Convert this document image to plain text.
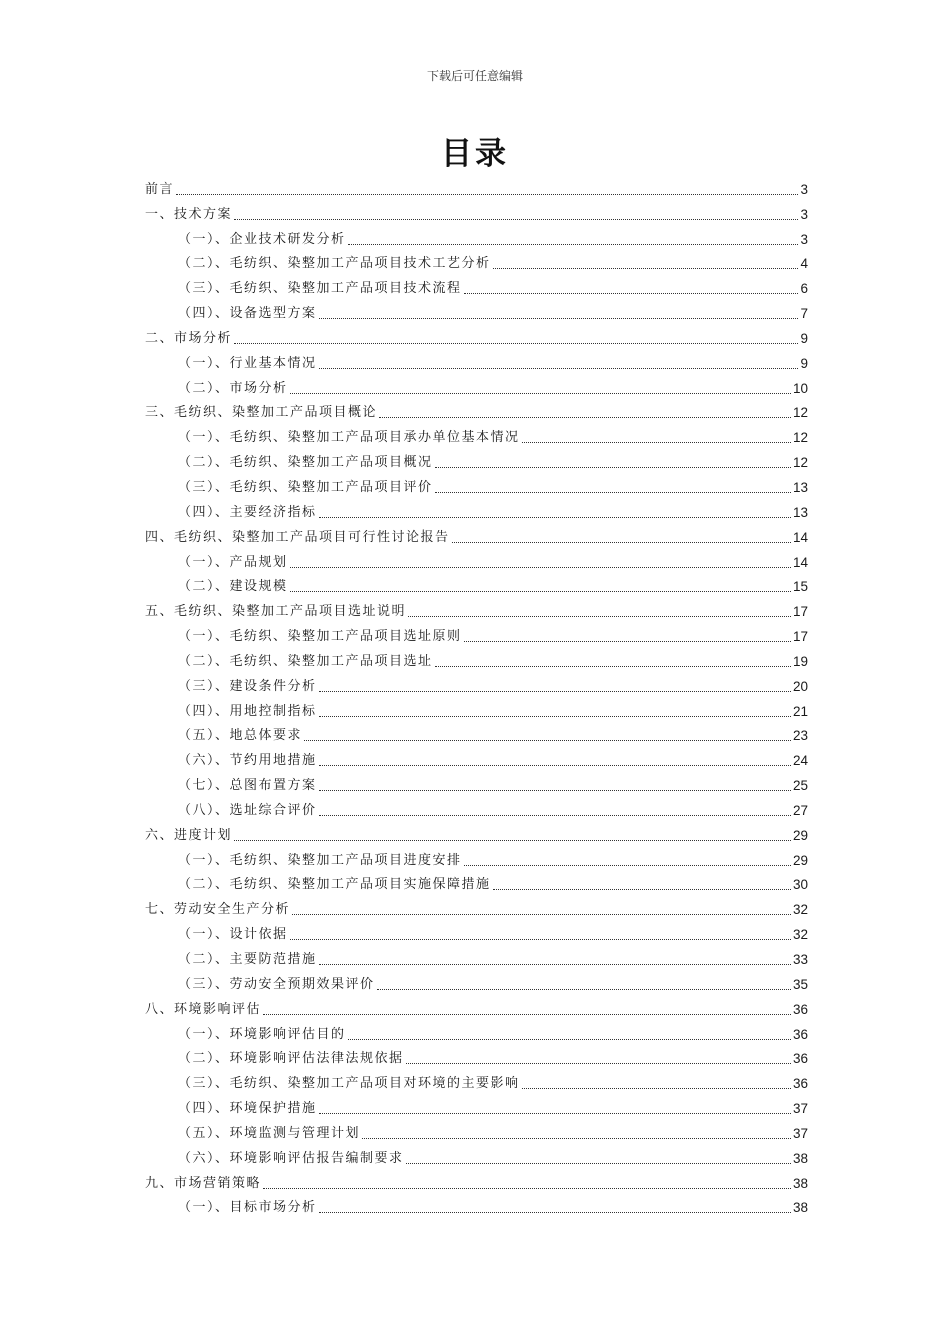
下载后可任意编辑
目录
前言	3
一、技术方案	3
（一）、企业技术研发分析	3
（二）、毛纺织、染整加工产品项目技术工艺分析	4
（三）、毛纺织、染整加工产品项目技术流程	6
（四）、设备选型方案	7
二、市场分析	9
（一）、行业基本情况	9
（二）、市场分析	10
三、毛纺织、染整加工产品项目概论	12
（一）、毛纺织、染整加工产品项目承办单位基本情况	12
（二）、毛纺织、染整加工产品项目概况	12
（三）、毛纺织、染整加工产品项目评价	13
（四）、主要经济指标	13
四、毛纺织、染整加工产品项目可行性讨论报告	14
（一）、产品规划	14
（二）、建设规模	15
五、毛纺织、染整加工产品项目选址说明	17
（一）、毛纺织、染整加工产品项目选址原则	17
（二）、毛纺织、染整加工产品项目选址	19
（三）、建设条件分析	20
（四）、用地控制指标	21
（五）、地总体要求	23
（六）、节约用地措施	24
（七）、总图布置方案	25
（八）、选址综合评价	27
六、进度计划	29
（一）、毛纺织、染整加工产品项目进度安排	29
（二）、毛纺织、染整加工产品项目实施保障措施	30
七、劳动安全生产分析	32
（一）、设计依据	32
（二）、主要防范措施	33
（三）、劳动安全预期效果评价	35
八、环境影响评估	36
（一）、环境影响评估目的	36
（二）、环境影响评估法律法规依据	36
（三）、毛纺织、染整加工产品项目对环境的主要影响	36
（四）、环境保护措施	37
（五）、环境监测与管理计划	37
（六）、环境影响评估报告编制要求	38
九、市场营销策略	38
（一）、目标市场分析	38
